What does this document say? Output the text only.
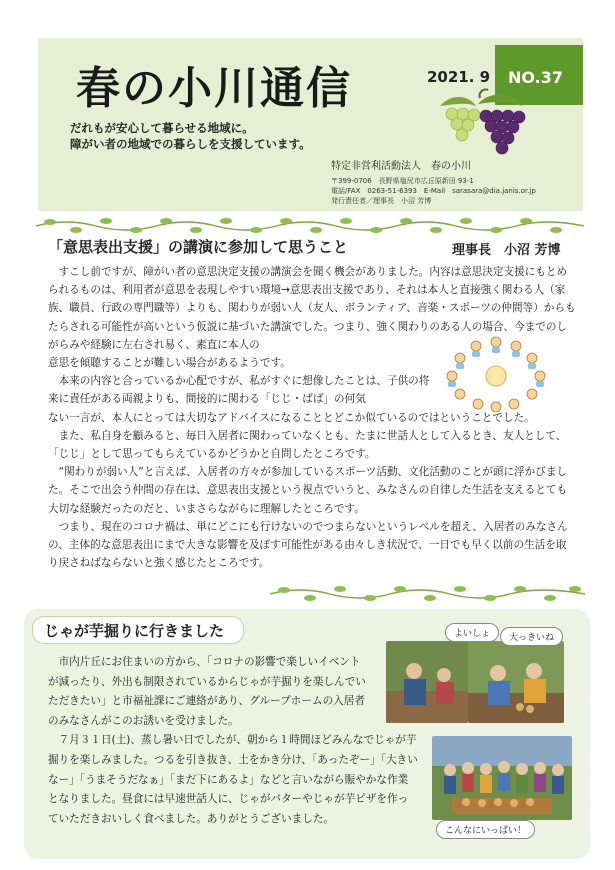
春の小川通信
だれもが安心して暮らせる地域に。
障がい者の地域での暮らしを支援しています。
2021. 9 NO.37
特定非営利活動法人　春の小川
〒399-0706　長野県塩尻市広丘原新田 93-1
電話/FAX　0263-51-6393　E-Mail　sarasara@dia.janis.or.jp
発行責任者／理事長　小沼 芳博
「意思表出支援」の講演に参加して思うこと	理事長　小沼 芳博

すこし前ですが、障がい者の意思決定支援の講演会を聞く機会がありました。内容は意思決定支援にもとめられるものは、利用者が意思を表現しやすい環境→意思表出支援であり、それは本人と直接強く関わる人（家族、職員、行政の専門職等）よりも、関わりが弱い人（友人、ボランティア、音楽・スポーツの仲間等）からもたらされる可能性が高いという仮説に基づいた講演でした。つまり、強く関わりのある人の場合、今までのしがらみや経験に左右され易く、素直に本人の

意思を傾聴することが難しい場合があるようです。

本来の内容と合っているか心配ですが、私がすぐに想像したことは、子供の将来に責任がある両親よりも、間接的に関わる「じじ・ばば」の何気

ない一言が、本人にとっては大切なアドバイスになることとどこか似ているのではということでした。

また、私自身を顧みると、毎日入居者に関わっていなくとも、たまに世話人として入るとき、友人として、「じじ」として思ってもらえているかどうかと自問したところです。

“関わりが弱い人”と言えば、入居者の方々が参加しているスポーツ活動、文化活動のことが頭に浮かびました。そこで出会う仲間の存在は、意思表出支援という視点でいうと、みなさんの自律した生活を支えるとても大切な経験だったのだと、いまさらながらに理解したところです。

つまり、現在のコロナ禍は、単にどこにも行けないのでつまらないというレベルを超え、入居者のみなさんの、主体的な意思表出にまで大きな影響を及ぼす可能性がある由々しき状況で、一日でも早く以前の生活を取り戻さねばならないと強く感じたところです。

じゃが芋掘りに行きました

市内片丘にお住まいの方から、「コロナの影響で楽しいイベントが減ったり、外出も制限されているからじゃが芋掘りを楽しんでいただきたい」と市福祉課にご連絡があり、グループホームの入居者のみなさんがこのお誘いを受けました。

７月３１日(土)、蒸し暑い日でしたが、朝から１時間ほどみんなでじゃが芋掘りを楽しみました。つるを引き抜き、土をかき分け、「あったぞー」「大きいなー」「うまそうだなぁ」「まだ下にあるよ」などと言いながら賑やかな作業となりました。昼食には早速世話人に、じゃがバターやじゃが芋ピザを作っていただきおいしく食べました。ありがとうございました。

よいしょ	大っきいね
こんなにいっぱい！
